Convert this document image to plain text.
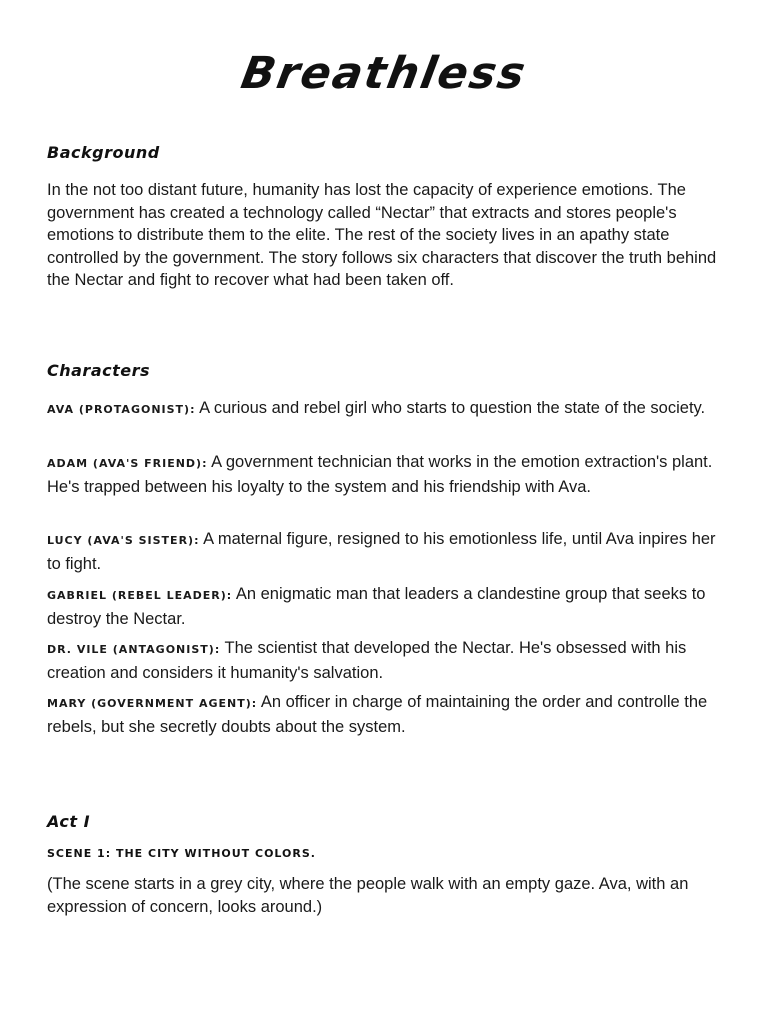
Breathless
Background

In the not too distant future, humanity has lost the capacity of experience emotions. The government has created a technology called “Nectar” that extracts and stores people's emotions to distribute them to the elite. The rest of the society lives in an apathy state controlled by the government. The story follows six characters that discover the truth behind the Nectar and fight to recover what had been taken off.

Characters

AVA (PROTAGONIST): A curious and rebel girl who starts to question the state of the society.

ADAM (AVA'S FRIEND): A government technician that works in the emotion extraction's plant. He's trapped between his loyalty to the system and his friendship with Ava.

LUCY (AVA'S SISTER): A maternal figure, resigned to his emotionless life, until Ava inpires her to fight.

GABRIEL (REBEL LEADER): An enigmatic man that leaders a clandestine group that seeks to destroy the Nectar.

DR. VILE (ANTAGONIST): The scientist that developed the Nectar. He's obsessed with his creation and considers it humanity's salvation.

MARY (GOVERNMENT AGENT): An officer in charge of maintaining the order and controlle the rebels, but she secretly doubts about the system.

Act I
SCENE 1: THE CITY WITHOUT COLORS.

(The scene starts in a grey city, where the people walk with an empty gaze. Ava, with an expression of concern, looks around.)
